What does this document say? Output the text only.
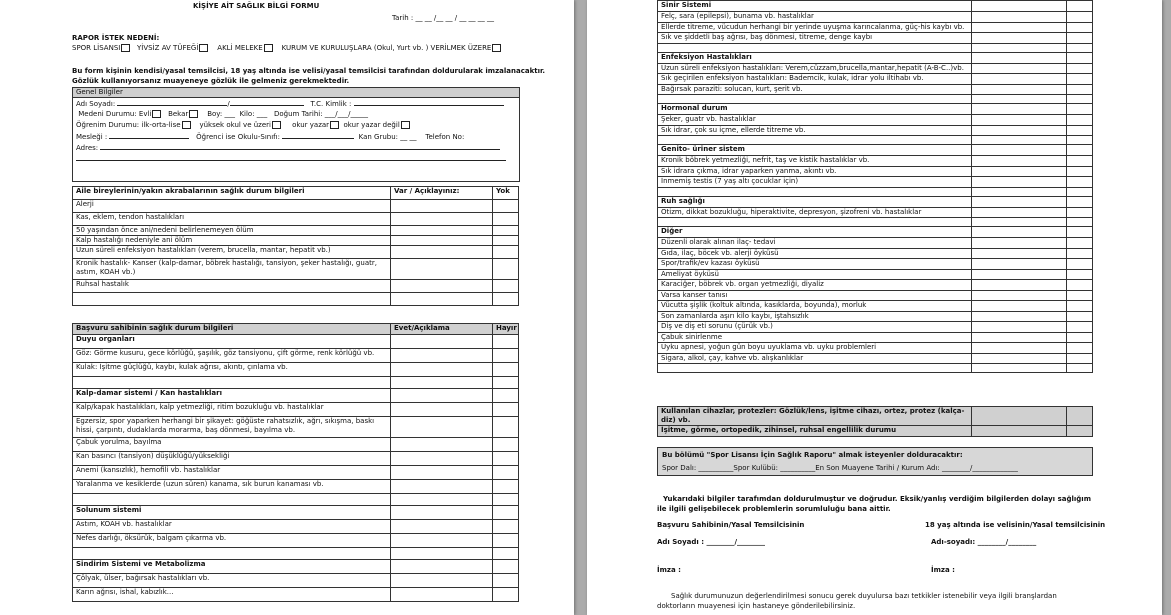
KİŞİYE AİT SAĞLIK BİLGİ FORMU
Tarih : __ __ /__ __ / __ __ __ __
RAPOR İSTEK NEDENİ:
SPOR LİSANSI YİVSİZ AV TÜFEĞİ	AKLİ MELEKE	KURUM VE KURULUŞLARA (Okul, Yurt vb. ) VERİLMEK ÜZERE
Bu form kişinin kendisi/yasal temsilcisi, 18 yaş altında ise velisi/yasal temsilcisi tarafından doldurularak imzalanacaktır.
Gözlük kullanıyorsanız muayeneye gözlük ile gelmeniz gerekmektedir.
Genel Bilgiler
Adı Soyadı:	/	T.C. Kimlik :
Medeni Durumu: Evli Bekar	Boy: ___ Kilo: ___ Doğum Tarihi: ___/___/_____
Öğrenim Durumu: ilk-orta-lise	yüksek okul ve üzeri	okur yazar okur yazar değil
Mesleği :	Öğrenci ise Okulu-Sınıfı:	Kan Grubu: __ __ Telefon No:
Adres:
Aile bireylerinin/yakın akrabalarının sağlık durum bilgileri	Var / Açıklayınız:	Yok
Alerji		
Kas, eklem, tendon hastalıkları		
50 yaşından önce ani/nedeni belirlenemeyen ölüm		
Kalp hastalığı nedeniyle ani ölüm		
Uzun süreli enfeksiyon hastalıkları (verem, brucella, mantar, hepatit vb.)		
Kronik hastalık- Kanser (kalp-damar, böbrek hastalığı, tansiyon, şeker hastalığı, guatr, astım, KOAH vb.)		
Ruhsal hastalık		

Başvuru sahibinin sağlık durum bilgileri	Evet/Açıklama	Hayır
Duyu organları		
Göz: Görme kusuru, gece körlüğü, şaşılık, göz tansiyonu, çift görme, renk körlüğü vb.		
Kulak: İşitme güçlüğü, kaybı, kulak ağrısı, akıntı, çınlama vb.		

Kalp-damar sistemi / Kan hastalıkları		
Kalp/kapak hastalıkları, kalp yetmezliği, ritim bozukluğu vb. hastalıklar		
Egzersiz, spor yaparken herhangi bir şikayet: göğüste rahatsızlık, ağrı, sıkışma, baskı hissi, çarpıntı, dudaklarda morarma, baş dönmesi, bayılma vb.		
Çabuk yorulma, bayılma		
Kan basıncı (tansiyon) düşüklüğü/yüksekliği		
Anemi (kansızlık), hemofili vb. hastalıklar		
Yaralanma ve kesiklerde (uzun süren) kanama, sık burun kanaması vb.		

Solunum sistemi		
Astım, KOAH vb. hastalıklar		
Nefes darlığı, öksürük, balgam çıkarma vb.		

Sindirim Sistemi ve Metabolizma		
Çölyak, ülser, bağırsak hastalıkları vb.		
Karın ağrısı, ishal, kabızlık...		
Sinir Sistemi		
Felç, sara (epilepsi), bunama vb. hastalıklar		
Ellerde titreme, vücudun herhangi bir yerinde uyuşma karıncalanma, güç-his kaybı vb.		
Sık ve şiddetli baş ağrısı, baş dönmesi, titreme, denge kaybı		

Enfeksiyon Hastalıkları		
Uzun süreli enfeksiyon hastalıkları: Verem,cüzzam,brucella,mantar,hepatit (A-B-C..)vb.		
Sık geçirilen enfeksiyon hastalıkları: Bademcik, kulak, idrar yolu iltihabı vb.		
Bağırsak paraziti: solucan, kurt, şerit vb.		

Hormonal durum		
Şeker, guatr vb. hastalıklar		
Sık idrar, çok su içme, ellerde titreme vb.		

Genito- üriner sistem		
Kronik böbrek yetmezliği, nefrit, taş ve kistik hastalıklar vb.		
Sık idrara çıkma, idrar yaparken yanma, akıntı vb.		
İnmemiş testis (7 yaş altı çocuklar için)		

Ruh sağlığı		
Otizm, dikkat bozukluğu, hiperaktivite, depresyon, şizofreni vb. hastalıklar		

Diğer		
Düzenli olarak alınan ilaç- tedavi		
Gıda, ilaç, böcek vb. alerji öyküsü		
Spor/trafik/ev kazası öyküsü		
Ameliyat öyküsü		
Karaciğer, böbrek vb. organ yetmezliği, diyaliz		
Varsa kanser tanısı		
Vücutta şişlik (koltuk altında, kasıklarda, boyunda), morluk		
Son zamanlarda aşırı kilo kaybı, iştahsızlık		
Diş ve diş eti sorunu (çürük vb.)		
Çabuk sinirlenme		
Uyku apnesi, yoğun gün boyu uyuklama vb. uyku problemleri		
Sigara, alkol, çay, kahve vb. alışkanlıklar		

Kullanılan cihazlar, protezler: Gözlük/lens, işitme cihazı, ortez, protez (kalça-diz) vb.		
İşitme, görme, ortopedik, zihinsel, ruhsal engellilik durumu		
Bu bölümü "Spor Lisansı İçin Sağlık Raporu" almak isteyenler dolduracaktır:
Spor Dalı: __________Spor Kulübü: __________En Son Muayene Tarihi / Kurum Adı: ________/_____________
Yukarıdaki bilgiler tarafımdan doldurulmuştur ve doğrudur. Eksik/yanlış verdiğim bilgilerden dolayı sağlığım ile ilgili gelişebilecek problemlerin sorumluluğu bana aittir.
Başvuru Sahibinin/Yasal Temsilcisinin	18 yaş altında ise velisinin/Yasal temsilcisinin
Adı Soyadı : ________/________	Adı-soyadı: ________/________
İmza :	İmza :
Sağlık durumunuzun değerlendirilmesi sonucu gerek duyulursa bazı tetkikler istenebilir veya ilgili branşlardan doktorların muayenesi için hastaneye gönderilebilirsiniz.
